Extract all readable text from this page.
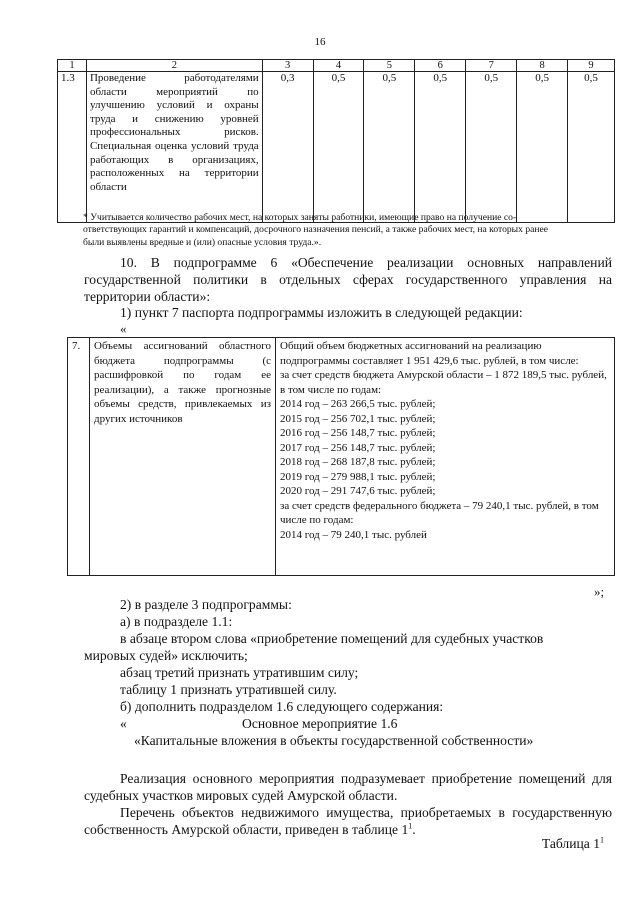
16
1	2	3	4	5	6	7	8	9
1.3	Проведение работодателями области мероприятий по улучшению условий и охраны труда и снижению уровней профессиональных рисков. Специальная оценка условий труда работающих в организациях, расположенных на территории области	0,3	0,5	0,5	0,5	0,5	0,5	0,5

* Учитывается количество рабочих мест, на которых заняты работники, имеющие право на получение со-

ответствующих гарантий и компенсаций, досрочного назначения пенсий, а также рабочих мест, на которых ранее

были выявлены вредные и (или) опасные условия труда.».

10. В подпрограмме 6 «Обеспечение реализации основных направлений государственной политики в отдельных сферах государственного управления на территории области»:
1) пункт 7 паспорта подпрограммы изложить в следующей редакции:
«
7.	Объемы ассигнований областного бюджета подпрограммы (с расшифровкой по годам ее реализации), а также прогнозные объемы средств, привлекаемых из других источников	
Общий объем бюджетных ассигнований на реализацию подпрограммы составляет 1 951 429,6 тыс. рублей, в том числе:
за счет средств бюджета Амурской области – 1 872 189,5 тыс. рублей, в том числе по годам:
2014 год – 263 266,5 тыс. рублей;
2015 год – 256 702,1 тыс. рублей;
2016 год – 256 148,7 тыс. рублей;
2017 год – 256 148,7 тыс. рублей;
2018 год – 268 187,8 тыс. рублей;
2019 год – 279 988,1 тыс. рублей;
2020 год – 291 747,6 тыс. рублей;
за счет средств федерального бюджета – 79 240,1 тыс. рублей, в том числе по годам:
2014 год – 79 240,1 тыс. рублей
»;
2) в разделе 3 подпрограммы:
а) в подразделе 1.1:
в абзаце втором слова «приобретение помещений для судебных участков
мировых судей» исключить;
абзац третий признать утратившим силу;
таблицу 1 признать утратившей силу.
б) дополнить подразделом 1.6 следующего содержания:
«	Основное мероприятие 1.6
«Капитальные вложения в объекты государственной собственности»

Реализация основного мероприятия подразумевает приобретение помещений для судебных участков мировых судей Амурской области.

Перечень объектов недвижимого имущества, приобретаемых в государственную собственность Амурской области, приведен в таблице $1^1$.

Таблица $1^1$
